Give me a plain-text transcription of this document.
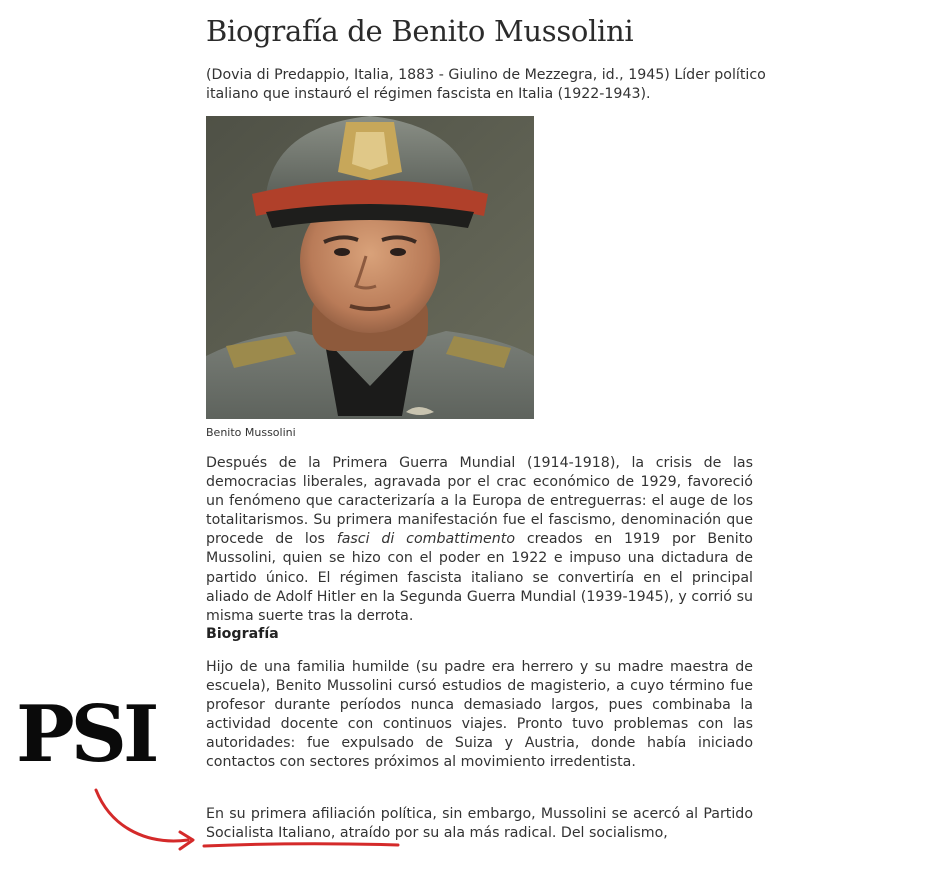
Biografía de Benito Mussolini

(Dovia di Predappio, Italia, 1883 - Giulino de Mezzegra, id., 1945) Líder político italiano que instauró el régimen fascista en Italia (1922-1943).

Benito Mussolini

Después de la Primera Guerra Mundial (1914-1918), la crisis de las democracias liberales, agravada por el crac económico de 1929, favoreció un fenómeno que caracterizaría a la Europa de entreguerras: el auge de los totalitarismos. Su primera manifestación fue el fascismo, denominación que procede de los fasci di combattimento creados en 1919 por Benito Mussolini, quien se hizo con el poder en 1922 e impuso una dictadura de partido único. El régimen fascista italiano se convertiría en el principal aliado de Adolf Hitler en la Segunda Guerra Mundial (1939-1945), y corrió su misma suerte tras la derrota.

Biografía

Hijo de una familia humilde (su padre era herrero y su madre maestra de escuela), Benito Mussolini cursó estudios de magisterio, a cuyo término fue profesor durante períodos nunca demasiado largos, pues combinaba la actividad docente con continuos viajes. Pronto tuvo problemas con las autoridades: fue expulsado de Suiza y Austria, donde había iniciado contactos con sectores próximos al movimiento irredentista.

En su primera afiliación política, sin embargo, Mussolini se acercó al Partido Socialista Italiano, atraído por su ala más radical. Del socialismo,

PSI
